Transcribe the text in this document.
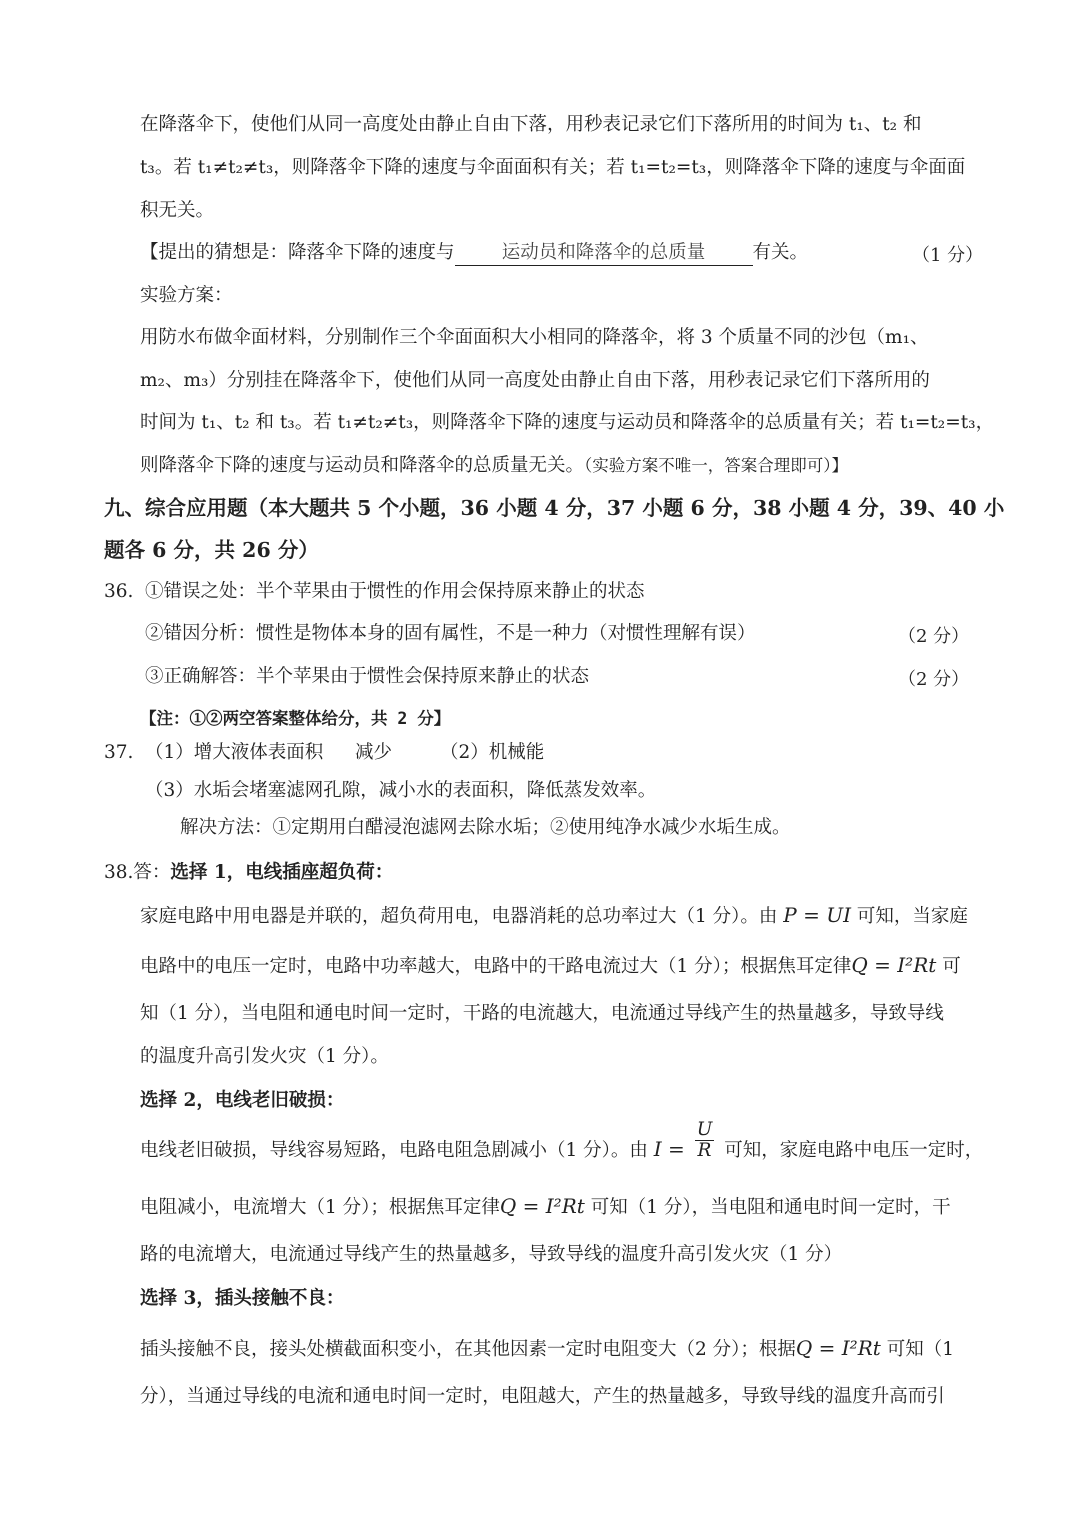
在降落伞下，使他们从同一高度处由静止自由下落，用秒表记录它们下落所用的时间为 t₁、t₂ 和
t₃。若 t₁≠t₂≠t₃，则降落伞下降的速度与伞面面积有关；若 t₁=t₂=t₃，则降落伞下降的速度与伞面面
积无关。
【提出的猜想是：降落伞下降的速度与	运动员和降落伞的总质量	有关。	（1 分）
实验方案：
用防水布做伞面材料，分别制作三个伞面面积大小相同的降落伞，将 3 个质量不同的沙包（m₁、
m₂、m₃）分别挂在降落伞下，使他们从同一高度处由静止自由下落，用秒表记录它们下落所用的
时间为 t₁、t₂ 和 t₃。若 t₁≠t₂≠t₃，则降落伞下降的速度与运动员和降落伞的总质量有关；若 t₁=t₂=t₃，
则降落伞下降的速度与运动员和降落伞的总质量无关。（实验方案不唯一，答案合理即可）】
九、综合应用题（本大题共 5 个小题，36 小题 4 分，37 小题 6 分，38 小题 4 分，39、40 小
题各 6 分，共 26 分）
36. ①错误之处：半个苹果由于惯性的作用会保持原来静止的状态
②错因分析：惯性是物体本身的固有属性，不是一种力（对惯性理解有误）	（2 分）
③正确解答：半个苹果由于惯性会保持原来静止的状态	（2 分）
【注：①②两空答案整体给分，共 2 分】
37. （1）增大液体表面积 减少	（2）机械能
（3）水垢会堵塞滤网孔隙，减小水的表面积，降低蒸发效率。
解决方法：①定期用白醋浸泡滤网去除水垢；②使用纯净水减少水垢生成。
38.答：选择 1，电线插座超负荷：
家庭电路中用电器是并联的，超负荷用电，电器消耗的总功率过大（1 分）。由 P = UI 可知，当家庭
电路中的电压一定时，电路中功率越大，电路中的干路电流过大（1 分）；根据焦耳定律Q = I²Rt 可
知（1 分），当电阻和通电时间一定时，干路的电流越大，电流通过导线产生的热量越多，导致导线
的温度升高引发火灾（1 分）。
选择 2，电线老旧破损：
电线老旧破损，导线容易短路，电路电阻急剧减小（1 分）。由 $I = \frac{U}{R}$ 可知，家庭电路中电压一定时，
电阻减小，电流增大（1 分）；根据焦耳定律Q = I²Rt 可知（1 分），当电阻和通电时间一定时，干
路的电流增大，电流通过导线产生的热量越多，导致导线的温度升高引发火灾（1 分）
选择 3，插头接触不良：
插头接触不良，接头处横截面积变小，在其他因素一定时电阻变大（2 分）；根据Q = I²Rt 可知（1
分），当通过导线的电流和通电时间一定时，电阻越大，产生的热量越多，导致导线的温度升高而引
